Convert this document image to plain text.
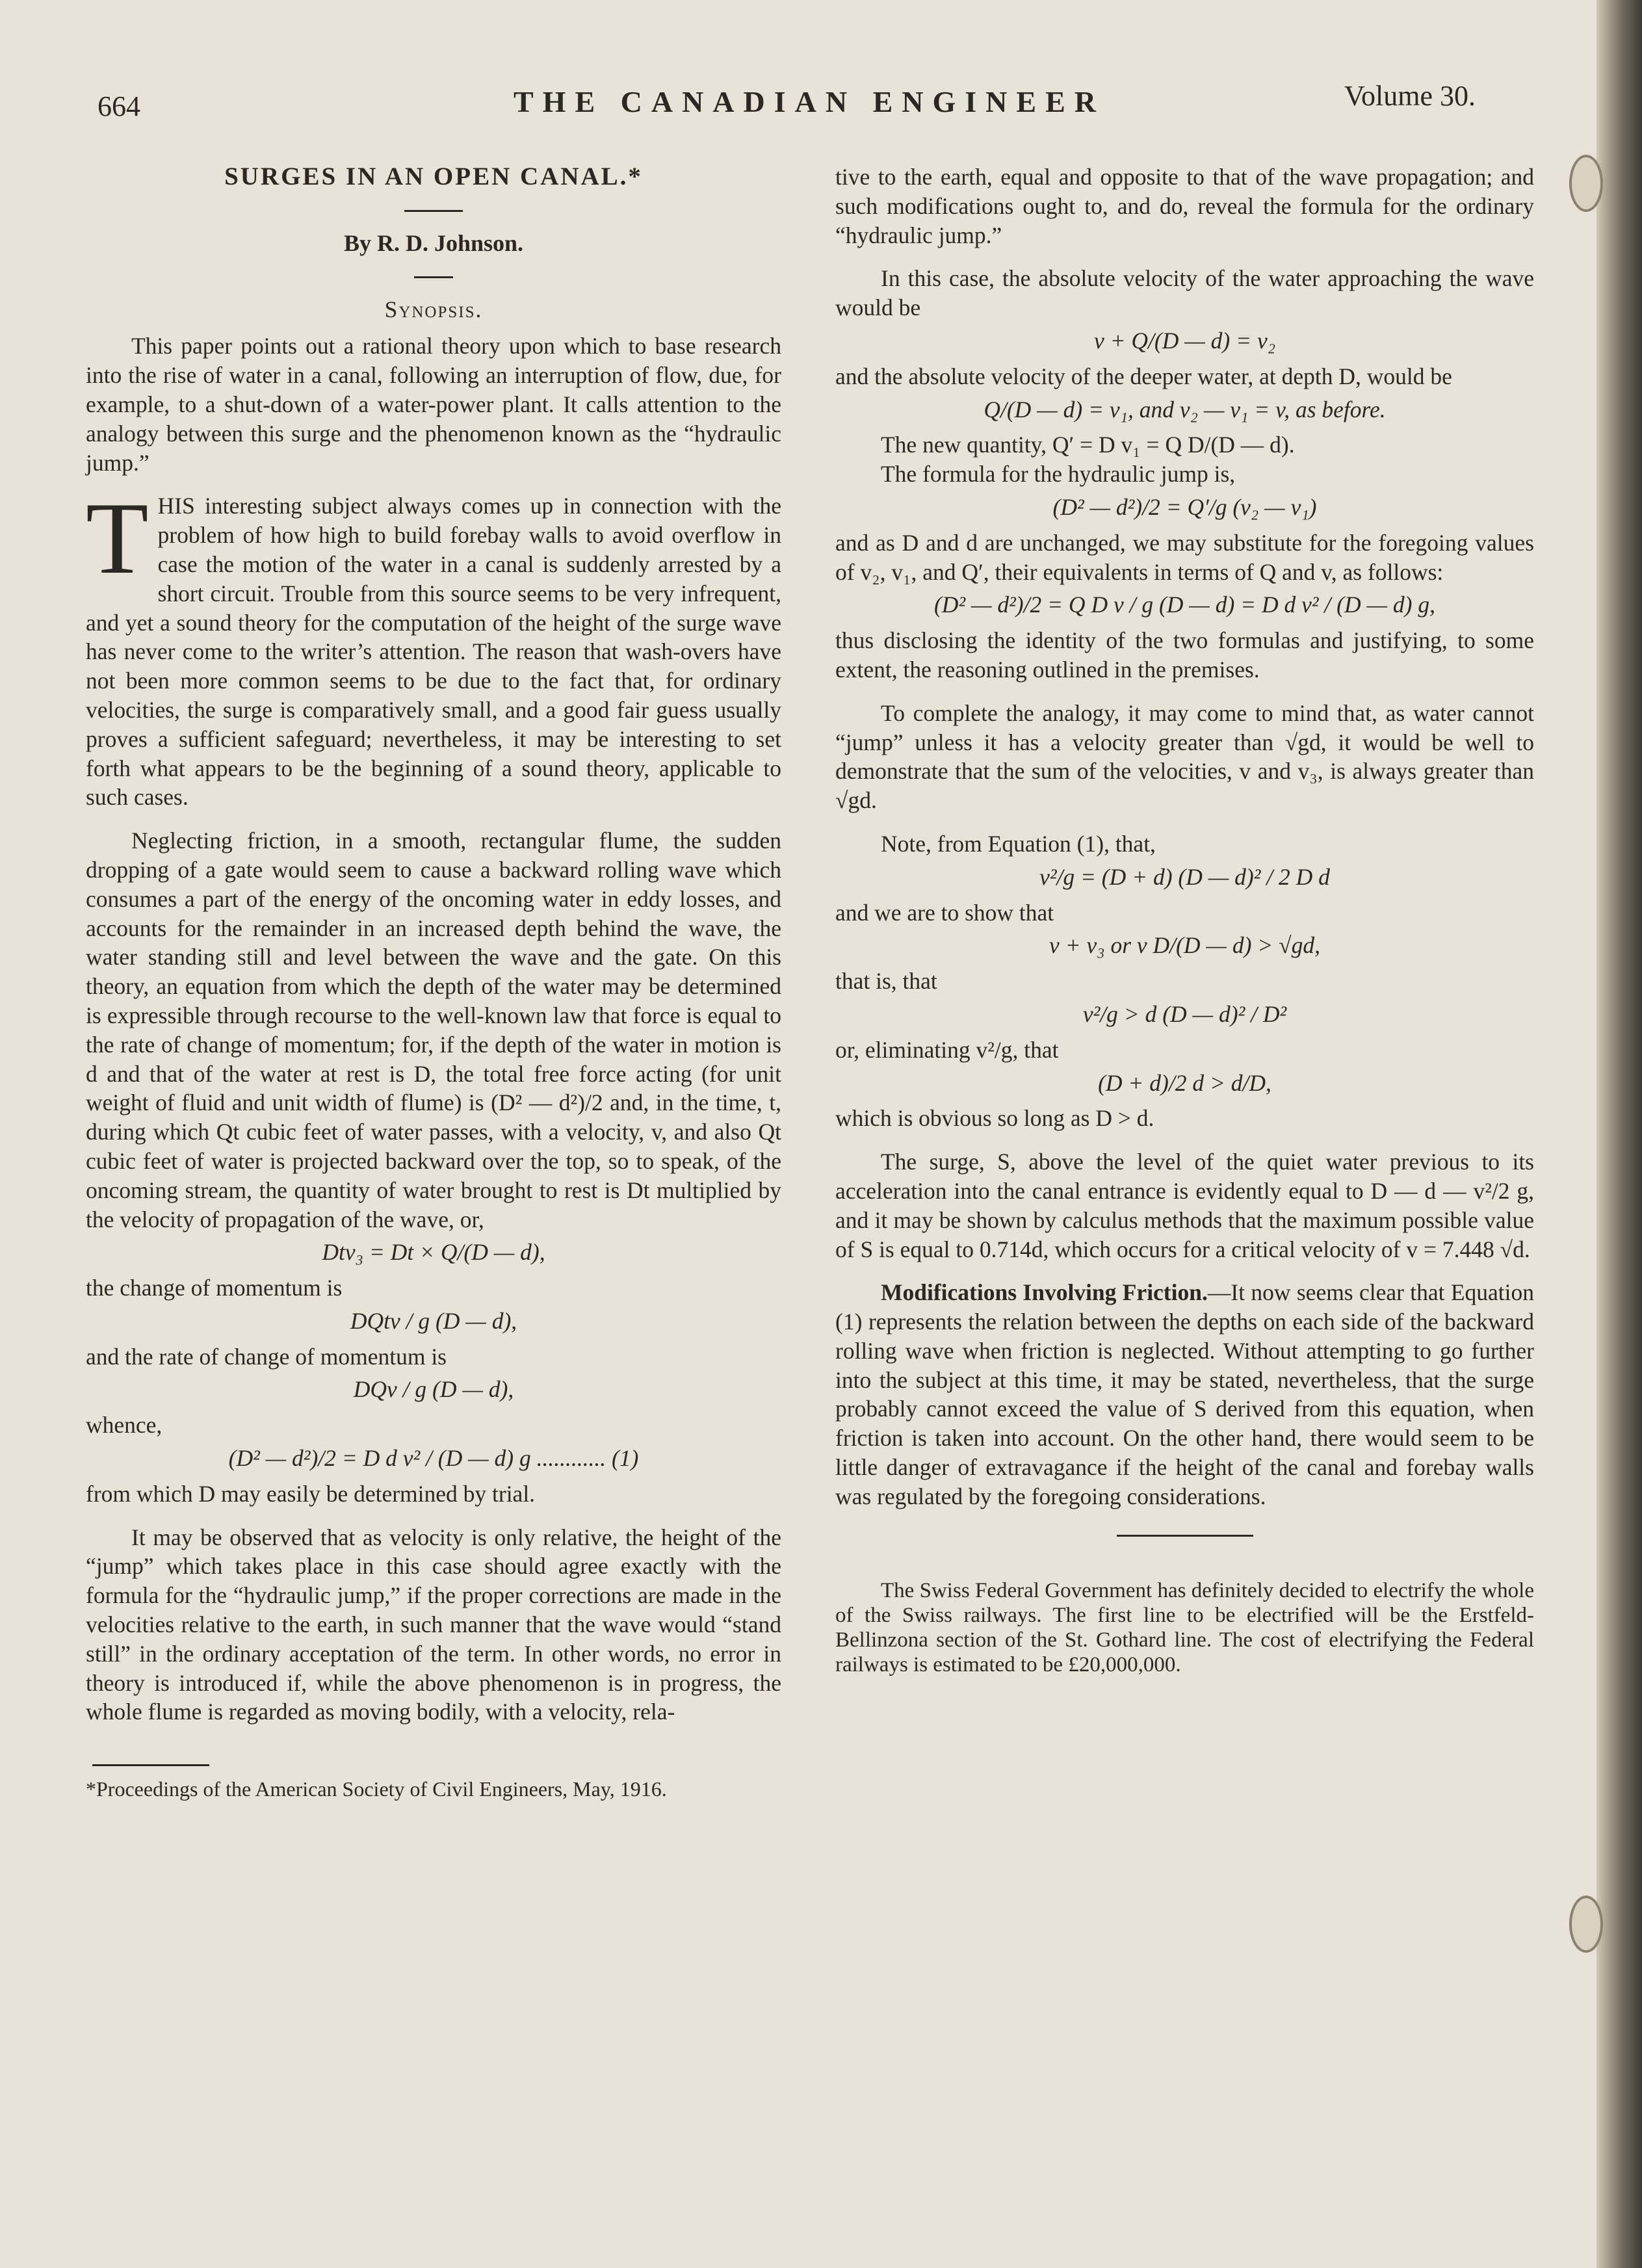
664	THE CANADIAN ENGINEER	Volume 30.

SURGES IN AN OPEN CANAL.*

By R. D. Johnson.

Synopsis.

This paper points out a rational theory upon which to base research into the rise of water in a canal, following an interruption of flow, due, for example, to a shut-down of a water-power plant. It calls attention to the analogy between this surge and the phenomenon known as the “hydraulic jump.”

THIS interesting subject always comes up in connection with the problem of how high to build forebay walls to avoid overflow in case the motion of the water in a canal is suddenly arrested by a short circuit. Trouble from this source seems to be very infrequent, and yet a sound theory for the computation of the height of the surge wave has never come to the writer’s attention. The reason that wash-overs have not been more common seems to be due to the fact that, for ordinary velocities, the surge is comparatively small, and a good fair guess usually proves a sufficient safeguard; nevertheless, it may be interesting to set forth what appears to be the beginning of a sound theory, applicable to such cases.

Neglecting friction, in a smooth, rectangular flume, the sudden dropping of a gate would seem to cause a backward rolling wave which consumes a part of the energy of the oncoming water in eddy losses, and accounts for the remainder in an increased depth behind the wave, the water standing still and level between the wave and the gate. On this theory, an equation from which the depth of the water may be determined is expressible through recourse to the well-known law that force is equal to the rate of change of momentum; for, if the depth of the water in motion is d and that of the water at rest is D, the total free force acting (for unit weight of fluid and unit width of flume) is (D² — d²)/2 and, in the time, t, during which Qt cubic feet of water passes, with a velocity, v, and also Qt cubic feet of water is projected backward over the top, so to speak, of the oncoming stream, the quantity of water brought to rest is Dt multiplied by the velocity of propagation of the wave, or,

Dtv₃ = Dt × Q/(D — d),

the change of momentum is

DQtv / g (D — d),

and the rate of change of momentum is

DQv / g (D — d),

whence,

(D² — d²)/2 = D d v² / (D — d) g ............ (1)

from which D may easily be determined by trial.

It may be observed that as velocity is only relative, the height of the “jump” which takes place in this case should agree exactly with the formula for the “hydraulic jump,” if the proper corrections are made in the velocities relative to the earth, in such manner that the wave would “stand still” in the ordinary acceptation of the term. In other words, no error in theory is introduced if, while the above phenomenon is in progress, the whole flume is regarded as moving bodily, with a velocity, rela-

*Proceedings of the American Society of Civil Engineers, May, 1916.

tive to the earth, equal and opposite to that of the wave propagation; and such modifications ought to, and do, reveal the formula for the ordinary “hydraulic jump.”

In this case, the absolute velocity of the water approaching the wave would be

v + Q/(D — d) = v₂

and the absolute velocity of the deeper water, at depth D, would be

Q/(D — d) = v₁, and v₂ — v₁ = v, as before.

The new quantity, Q′ = D v₁ = Q D/(D — d).

The formula for the hydraulic jump is,

(D² — d²)/2 = Q′/g (v₂ — v₁)

and as D and d are unchanged, we may substitute for the foregoing values of v₂, v₁, and Q′, their equivalents in terms of Q and v, as follows:

(D² — d²)/2 = Q D v / g (D — d) = D d v² / (D — d) g,

thus disclosing the identity of the two formulas and justifying, to some extent, the reasoning outlined in the premises.

To complete the analogy, it may come to mind that, as water cannot “jump” unless it has a velocity greater than √gd, it would be well to demonstrate that the sum of the velocities, v and v₃, is always greater than √gd.

Note, from Equation (1), that,

v²/g = (D + d) (D — d)² / 2 D d

and we are to show that

v + v₃ or v D/(D — d) > √gd,

that is, that

v²/g > d (D — d)² / D²

or, eliminating v²/g, that

(D + d)/2 d > d/D,

which is obvious so long as D > d.

The surge, S, above the level of the quiet water previous to its acceleration into the canal entrance is evidently equal to D — d — v²/2 g, and it may be shown by calculus methods that the maximum possible value of S is equal to 0.714d, which occurs for a critical velocity of v = 7.448 √d.

Modifications Involving Friction.—It now seems clear that Equation (1) represents the relation between the depths on each side of the backward rolling wave when friction is neglected. Without attempting to go further into the subject at this time, it may be stated, nevertheless, that the surge probably cannot exceed the value of S derived from this equation, when friction is taken into account. On the other hand, there would seem to be little danger of extravagance if the height of the canal and forebay walls was regulated by the foregoing considerations.

The Swiss Federal Government has definitely decided to electrify the whole of the Swiss railways. The first line to be electrified will be the Erstfeld-Bellinzona section of the St. Gothard line. The cost of electrifying the Federal railways is estimated to be £20,000,000.
